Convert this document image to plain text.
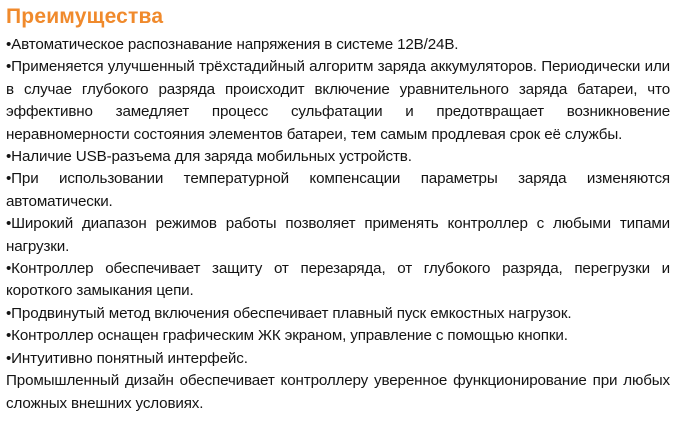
Преимущества

•Автоматическое распознавание напряжения в системе 12В/24В.

•Применяется улучшенный трёхстадийный алгоритм заряда аккумуляторов. Периодически или в случае глубокого разряда происходит включение уравнительного заряда батареи, что эффективно замедляет процесс сульфатации и предотвращает возникновение неравномерности состояния элементов батареи, тем самым продлевая срок её службы.

•Наличие USB-разъема для заряда мобильных устройств.

•При использовании температурной компенсации параметры заряда изменяются автоматически.

•Широкий диапазон режимов работы позволяет применять контроллер с любыми типами нагрузки.

•Контроллер обеспечивает защиту от перезаряда, от глубокого разряда, перегрузки и короткого замыкания цепи.

•Продвинутый метод включения обеспечивает плавный пуск емкостных нагрузок.

•Контроллер оснащен графическим ЖК экраном, управление с помощью кнопки.

•Интуитивно понятный интерфейс.

Промышленный дизайн обеспечивает контроллеру уверенное функционирование при любых сложных внешних условиях.
